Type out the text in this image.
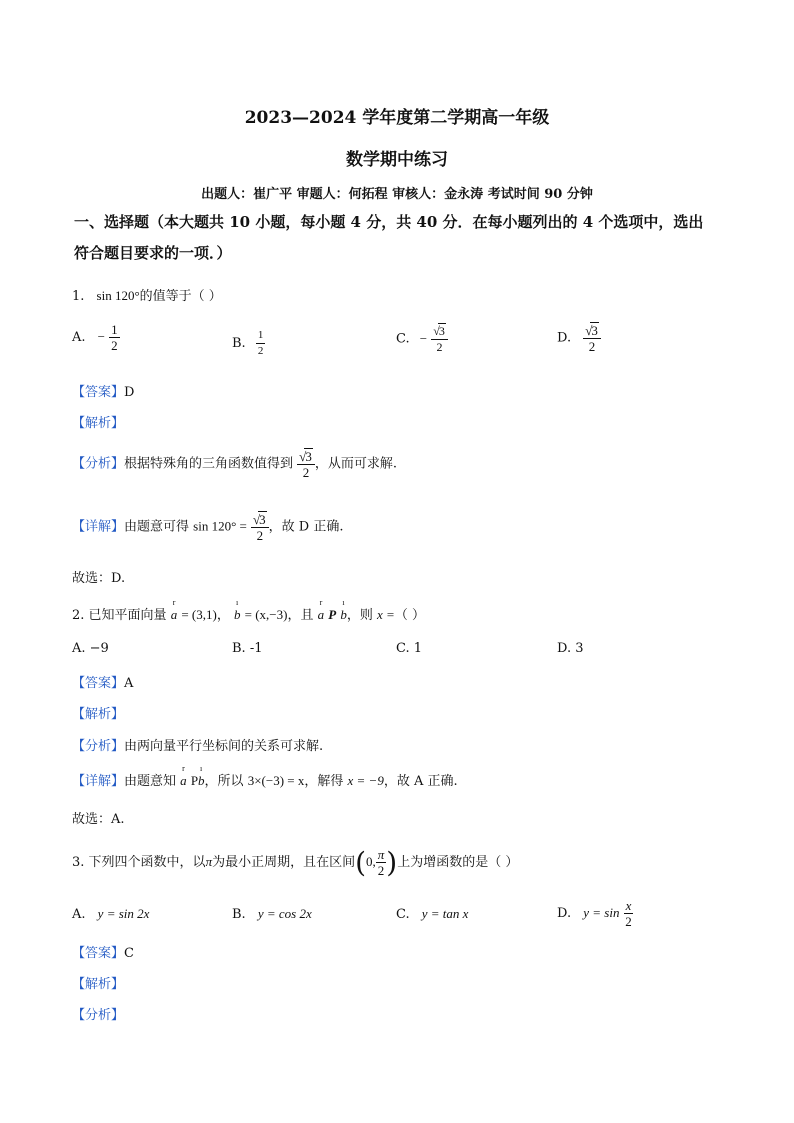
2023—2024 学年度第二学期高一年级
数学期中练习
出题人：崔广平 审题人：何拓程 审核人：金永涛 考试时间 90 分钟
一、选择题（本大题共 10 小题，每小题 4 分，共 40 分．在每小题列出的 4 个选项中，选出
符合题目要求的一项．）
1. sin 120°的值等于（ ）
A. − $\frac{1}{2}$	B. $\frac{1}{2}$	C. − $\frac{√3}{2}$	D. $\frac{√3}{2}$
【答案】D
【解析】
【分析】根据特殊角的三角函数值得到 $\frac{√3}{2}$ ，从而可求解.
【详解】由题意可得 $\sin 120^\circ = \frac{√3}{2}$ ，故 D 正确.
故选：D.
2. 已知平面向量
r
a = (3,1)，
ı
b = (x,−3)，且
r
a P
ı
b，则 x =（ ）
A. −9	B. -1	C. 1	D. 3
【答案】A
【解析】
【分析】由两向量平行坐标间的关系可求解.
【详解】由题意知
r
a P
ı
b，所以 3×(−3) = x，解得 x = −9，故 A 正确.
故选：A.
3. 下列四个函数中，以π为最小正周期，且在区间(0, $\frac{\pi}{2}$ )上为增函数的是（ ）
A. y = sin 2x	B. y = cos 2x	C. y = tan x	D. $y = \sin \frac{x}{2}$
【答案】C
【解析】
【分析】
